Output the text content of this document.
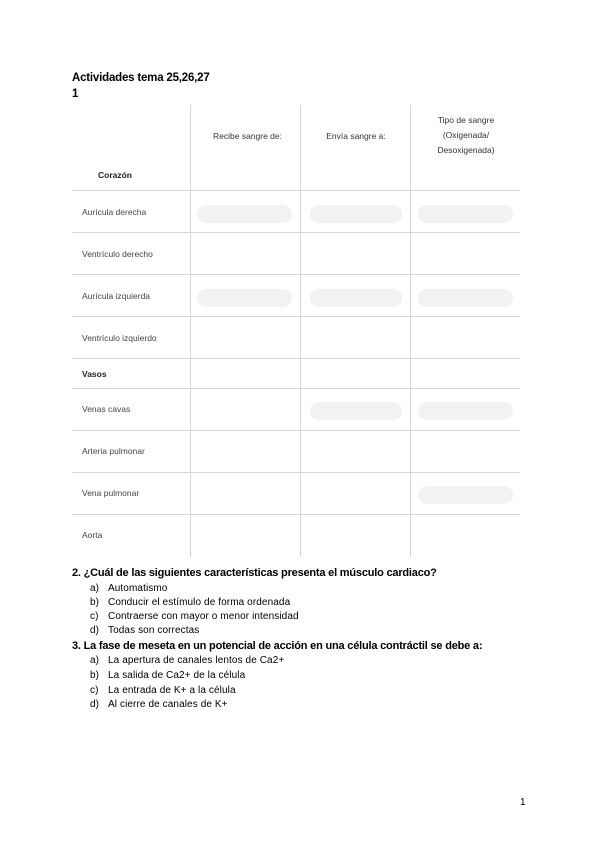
Actividades tema 25,26,27
1
Recibe sangre de:	Envía sangre a:
Tipo de sangre
(Oxigenada/
Desoxigenada)
Corazón
Aurícula derecha
Ventrículo derecho
Aurícula izquierda
Ventrículo izquierdo
Vasos
Venas cavas
Arteria pulmonar
Vena pulmonar
Aorta
2. ¿Cuál de las siguientes características presenta el músculo cardiaco?
a) Automatismo
b) Conducir el estímulo de forma ordenada
c) Contraerse con mayor o menor intensidad
d) Todas son correctas
3. La fase de meseta en un potencial de acción en una célula contráctil se debe a:
a) La apertura de canales lentos de Ca2+
b) La salida de Ca2+ de la célula
c) La entrada de K+ a la célula
d) Al cierre de canales de K+
1
